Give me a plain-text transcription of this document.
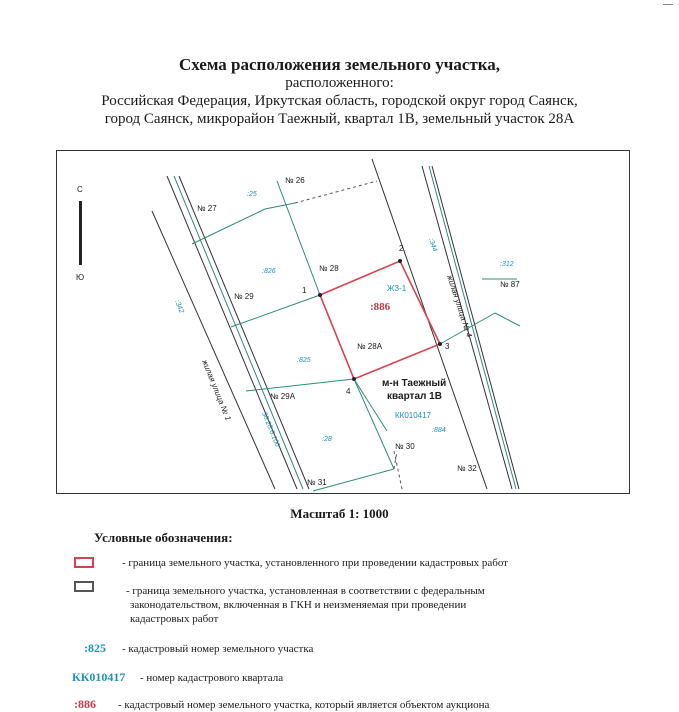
Схема расположения земельного участка,
расположенного:
Российская Федерация, Иркутская область, городской округ город Саянск,
город Саянск, микрорайон Таежный, квартал 1В, земельный участок 28А
С
Ю
1
2
3
4
№ 27
№ 26
№ 28
№ 29
№ 28А
№ 29А
№ 30
№ 31
№ 32
№ 87
:25
:826
:825
:28
:884
:312
:344
:342
38:28:6:100
ЖЗ-1
:886
м-н Таежный
квартал 1В
КК010417
жилая улица № 1
жилая улица № 4
Масштаб 1: 1000
Условные обозначения:
- граница земельного участка, установленного при проведении кадастровых работ
- граница земельного участка, установленная в соответствии с федеральным
законодательством, включенная в ГКН и неизменяемая при проведении
кадастровых работ
:825 - кадастровый номер земельного участка
КК010417 - номер кадастрового квартала
:886 - кадастровый номер земельного участка, который является объектом аукциона
